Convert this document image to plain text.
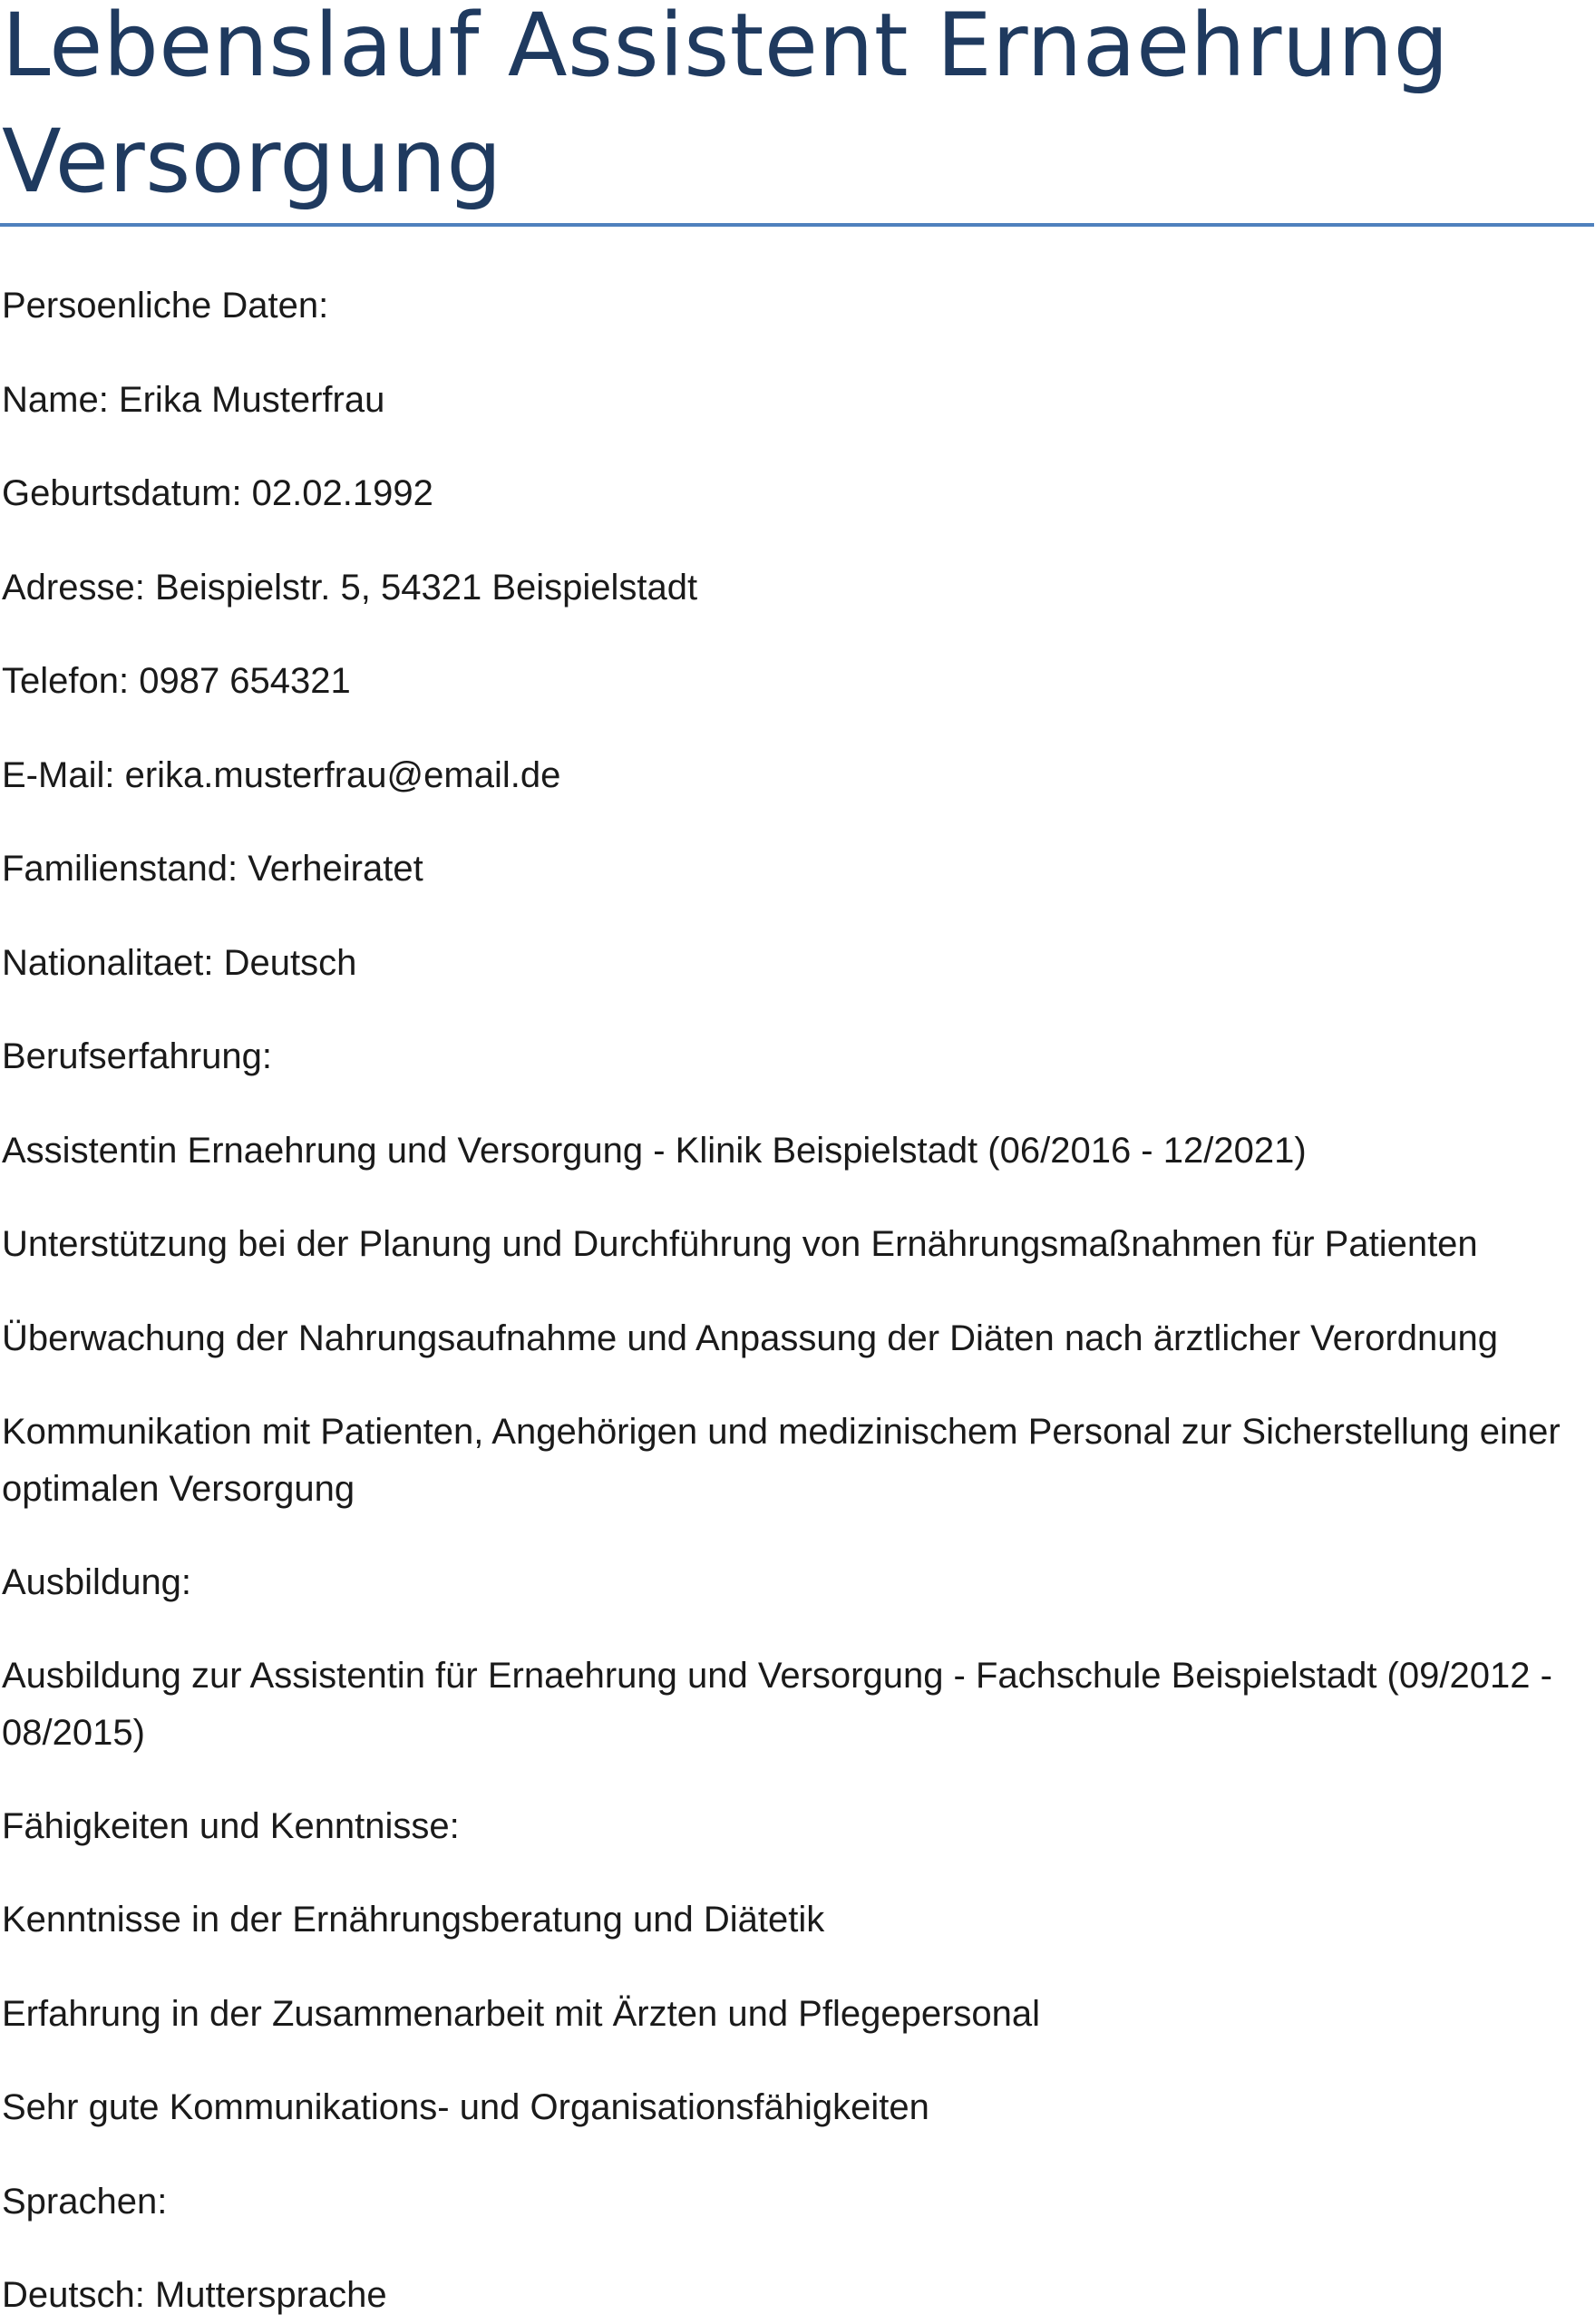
Lebenslauf Assistent Ernaehrung Versorgung

Persoenliche Daten:

Name: Erika Musterfrau

Geburtsdatum: 02.02.1992

Adresse: Beispielstr. 5, 54321 Beispielstadt

Telefon: 0987 654321

E-Mail: erika.musterfrau@email.de

Familienstand: Verheiratet

Nationalitaet: Deutsch

Berufserfahrung:

Assistentin Ernaehrung und Versorgung - Klinik Beispielstadt (06/2016 - 12/2021)

Unterstützung bei der Planung und Durchführung von Ernährungsmaßnahmen für Patienten

Überwachung der Nahrungsaufnahme und Anpassung der Diäten nach ärztlicher Verordnung

Kommunikation mit Patienten, Angehörigen und medizinischem Personal zur Sicherstellung einer optimalen Versorgung

Ausbildung:

Ausbildung zur Assistentin für Ernaehrung und Versorgung - Fachschule Beispielstadt (09/2012 - 08/2015)

Fähigkeiten und Kenntnisse:

Kenntnisse in der Ernährungsberatung und Diätetik

Erfahrung in der Zusammenarbeit mit Ärzten und Pflegepersonal

Sehr gute Kommunikations- und Organisationsfähigkeiten

Sprachen:

Deutsch: Muttersprache
